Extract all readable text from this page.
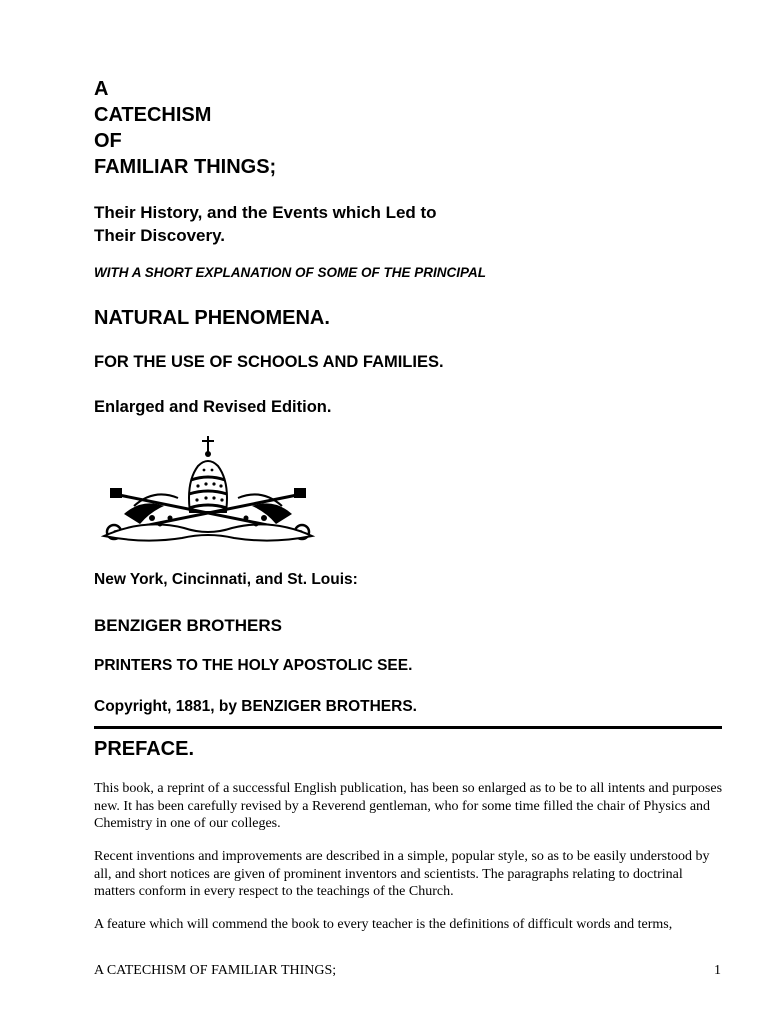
A

CATECHISM

OF

FAMILIAR THINGS;

Their History, and the Events which Led to

Their Discovery.

WITH A SHORT EXPLANATION OF SOME OF THE PRINCIPAL

NATURAL PHENOMENA.

FOR THE USE OF SCHOOLS AND FAMILIES.

Enlarged and Revised Edition.

New York, Cincinnati, and St. Louis:

BENZIGER BROTHERS

PRINTERS TO THE HOLY APOSTOLIC SEE.

Copyright, 1881, by BENZIGER BROTHERS.

PREFACE.

This book, a reprint of a successful English publication, has been so enlarged as to be to all intents and purposes new. It has been carefully revised by a Reverend gentleman, who for some time filled the chair of Physics and Chemistry in one of our colleges.

Recent inventions and improvements are described in a simple, popular style, so as to be easily understood by all, and short notices are given of prominent inventors and scientists. The paragraphs relating to doctrinal matters conform in every respect to the teachings of the Church.

A feature which will commend the book to every teacher is the definitions of difficult words and terms,

A CATECHISM OF FAMILIAR THINGS;	1
